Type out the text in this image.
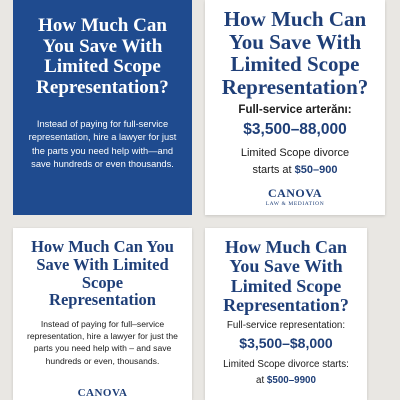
How Much Can You Save With Limited Scope Representation?
Instead of paying for full-service representation, hire a lawyer for just the parts you need help with—and save hundreds or even thousands.
How Much Can You Save With Limited Scope Representation?
Full-service artеrănı:
$3,500–88,000
Limited Scope divorce
starts at $50–900
CANOVA
LAW & MEDIATION
How Much Can You Save With Limited Scope Representation
Instead of paying for full–service representation, hire a lawyer for just the parts you need help with – and save hundreds or even, thousands.
CANOVA
How Much Can You Save With Limited Scope Representation?
Full-service representation:
$3,500–$8,000
Limited Scope divorce starts:
at $500–9900
